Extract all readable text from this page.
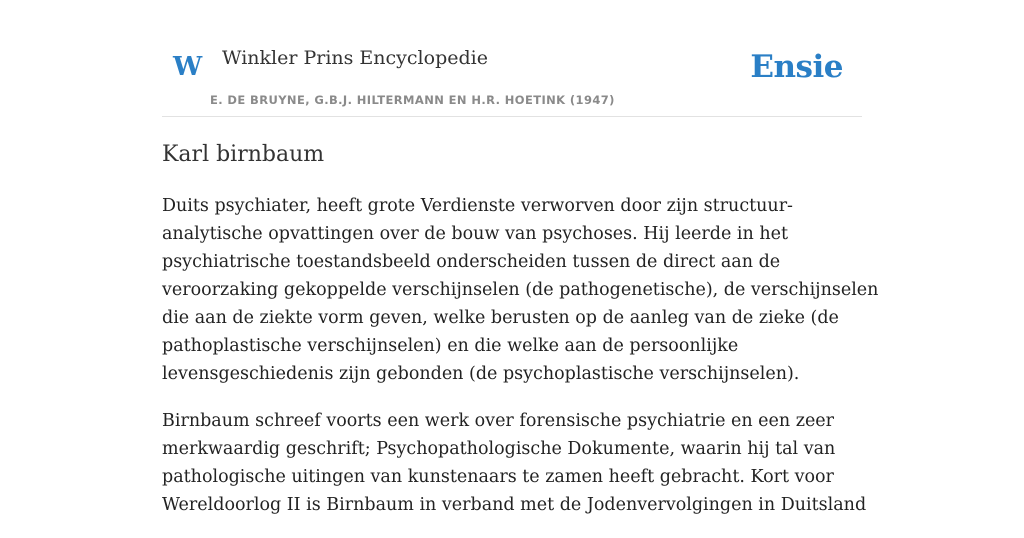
W Winkler Prins Encyclopedie
E. DE BRUYNE, G.B.J. HILTERMANN EN H.R. HOETINK (1947)
Ensie
Karl birnbaum

Duits psychiater, heeft grote Verdienste verworven door zijn structuur-analytische opvattingen over de bouw van psychoses. Hij leerde in het psychiatrische toestandsbeeld onderscheiden tussen de direct aan de veroorzaking gekoppelde verschijnselen (de pathogenetische), de verschijnselen die aan de ziekte vorm geven, welke berusten op de aanleg van de zieke (de pathoplastische verschijnselen) en die welke aan de persoonlijke levensgeschiedenis zijn gebonden (de psychoplastische verschijnselen).

Birnbaum schreef voorts een werk over forensische psychiatrie en een zeer merkwaardig geschrift; Psychopathologische Dokumente, waarin hij tal van pathologische uitingen van kunstenaars te zamen heeft gebracht. Kort voor Wereldoorlog II is Birnbaum in verband met de Jodenvervolgingen in Duitsland
